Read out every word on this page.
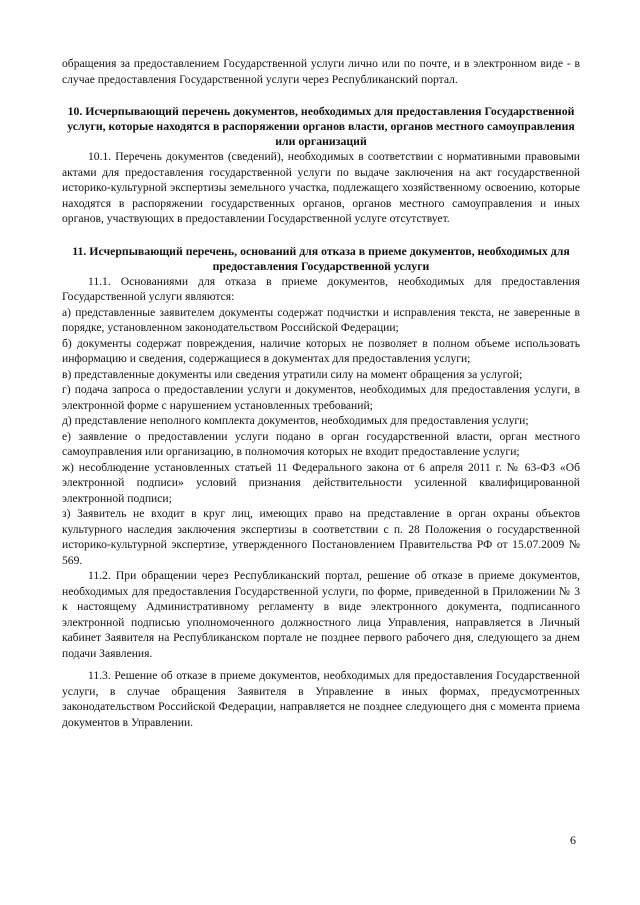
обращения за предоставлением Государственной услуги лично или по почте, и в электронном виде - в случае предоставления Государственной услуги через Республиканский портал.

10. Исчерпывающий перечень документов, необходимых для предоставления Государственной услуги, которые находятся в распоряжении органов власти, органов местного самоуправления или организаций

10.1. Перечень документов (сведений), необходимых в соответствии с нормативными правовыми актами для предоставления государственной услуги по выдаче заключения на акт государственной историко-культурной экспертизы земельного участка, подлежащего хозяйственному освоению, которые находятся в распоряжении государственных органов, органов местного самоуправления и иных органов, участвующих в предоставлении Государственной услуге отсутствует.

11. Исчерпывающий перечень, оснований для отказа в приеме документов, необходимых для предоставления Государственной услуги

11.1. Основаниями для отказа в приеме документов, необходимых для предоставления Государственной услуги являются:

а) представленные заявителем документы содержат подчистки и исправления текста, не заверенные в порядке, установленном законодательством Российской Федерации;

б) документы содержат повреждения, наличие которых не позволяет в полном объеме использовать информацию и сведения, содержащиеся в документах для предоставления услуги;

в) представленные документы или сведения утратили силу на момент обращения за услугой;

г) подача запроса о предоставлении услуги и документов, необходимых для предоставления услуги, в электронной форме с нарушением установленных требований;

д) представление неполного комплекта документов, необходимых для предоставления услуги;

е) заявление о предоставлении услуги подано в орган государственной власти, орган местного самоуправления или организацию, в полномочия которых не входит предоставление услуги;

ж) несоблюдение установленных статьей 11 Федерального закона от 6 апреля 2011 г. № 63-ФЗ «Об электронной подписи» условий признания действительности усиленной квалифицированной электронной подписи;

з) Заявитель не входит в круг лиц, имеющих право на представление в орган охраны объектов культурного наследия заключения экспертизы в соответствии с п. 28 Положения о государственной историко-культурной экспертизе, утвержденного Постановлением Правительства РФ от 15.07.2009 № 569.

11.2. При обращении через Республиканский портал, решение об отказе в приеме документов, необходимых для предоставления Государственной услуги, по форме, приведенной в Приложении № 3 к настоящему Административному регламенту в виде электронного документа, подписанного электронной подписью уполномоченного должностного лица Управления, направляется в Личный кабинет Заявителя на Республиканском портале не позднее первого рабочего дня, следующего за днем подачи Заявления.

11.3. Решение об отказе в приеме документов, необходимых для предоставления Государственной услуги, в случае обращения Заявителя в Управление в иных формах, предусмотренных законодательством Российской Федерации, направляется не позднее следующего дня с момента приема документов в Управлении.

6
